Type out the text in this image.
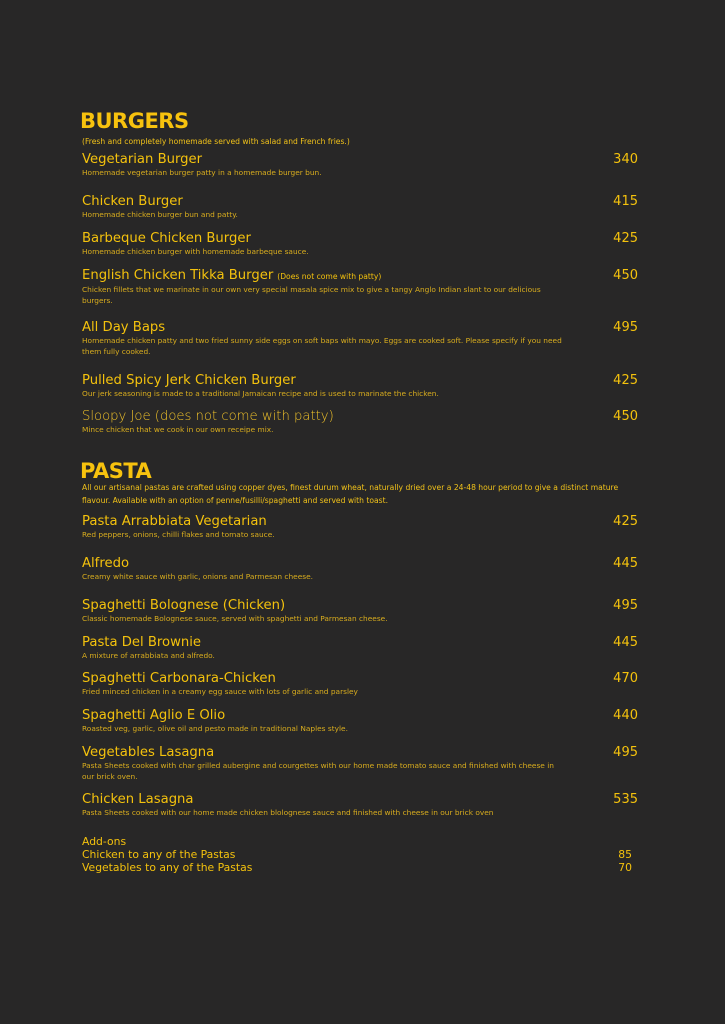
BURGERS

(Fresh and completely homemade served with salad and French fries.)

Vegetarian Burger
Homemade vegetarian burger patty in a homemade burger bun.
340
Chicken Burger
Homemade chicken burger bun and patty.
415
Barbeque Chicken Burger
Homemade chicken burger with homemade barbeque sauce.
425
English Chicken Tikka Burger (Does not come with patty)
Chicken fillets that we marinate in our own very special masala spice mix to give a tangy Anglo Indian slant to our delicious burgers.
450
All Day Baps
Homemade chicken patty and two fried sunny side eggs on soft baps with mayo. Eggs are cooked soft. Please specify if you need them fully cooked.
495
Pulled Spicy Jerk Chicken Burger
Our jerk seasoning is made to a traditional Jamaican recipe and is used to marinate the chicken.
425
Sloopy Joe (does not come with patty)
Mince chicken that we cook in our own receipe mix.
450
PASTA

All our artisanal pastas are crafted using copper dyes, finest durum wheat, naturally dried over a 24-48 hour period to give a distinct mature flavour. Available with an option of penne/fusilli/spaghetti and served with toast.

Pasta Arrabbiata Vegetarian
Red peppers, onions, chilli flakes and tomato sauce.
425
Alfredo
Creamy white sauce with garlic, onions and Parmesan cheese.
445
Spaghetti Bolognese (Chicken)
Classic homemade Bolognese sauce, served with spaghetti and Parmesan cheese.
495
Pasta Del Brownie
A mixture of arrabbiata and alfredo.
445
Spaghetti Carbonara-Chicken
Fried minced chicken in a creamy egg sauce with lots of garlic and parsley
470
Spaghetti Aglio E Olio
Roasted veg, garlic, olive oil and pesto made in traditional Naples style.
440
Vegetables Lasagna
Pasta Sheets cooked with char grilled aubergine and courgettes with our home made tomato sauce and finished with cheese in our brick oven.
495
Chicken Lasagna
Pasta Sheets cooked with our home made chicken blolognese sauce and finished with cheese in our brick oven
535
Add-ons
Chicken to any of the Pastas	85
Vegetables to any of the Pastas	70
